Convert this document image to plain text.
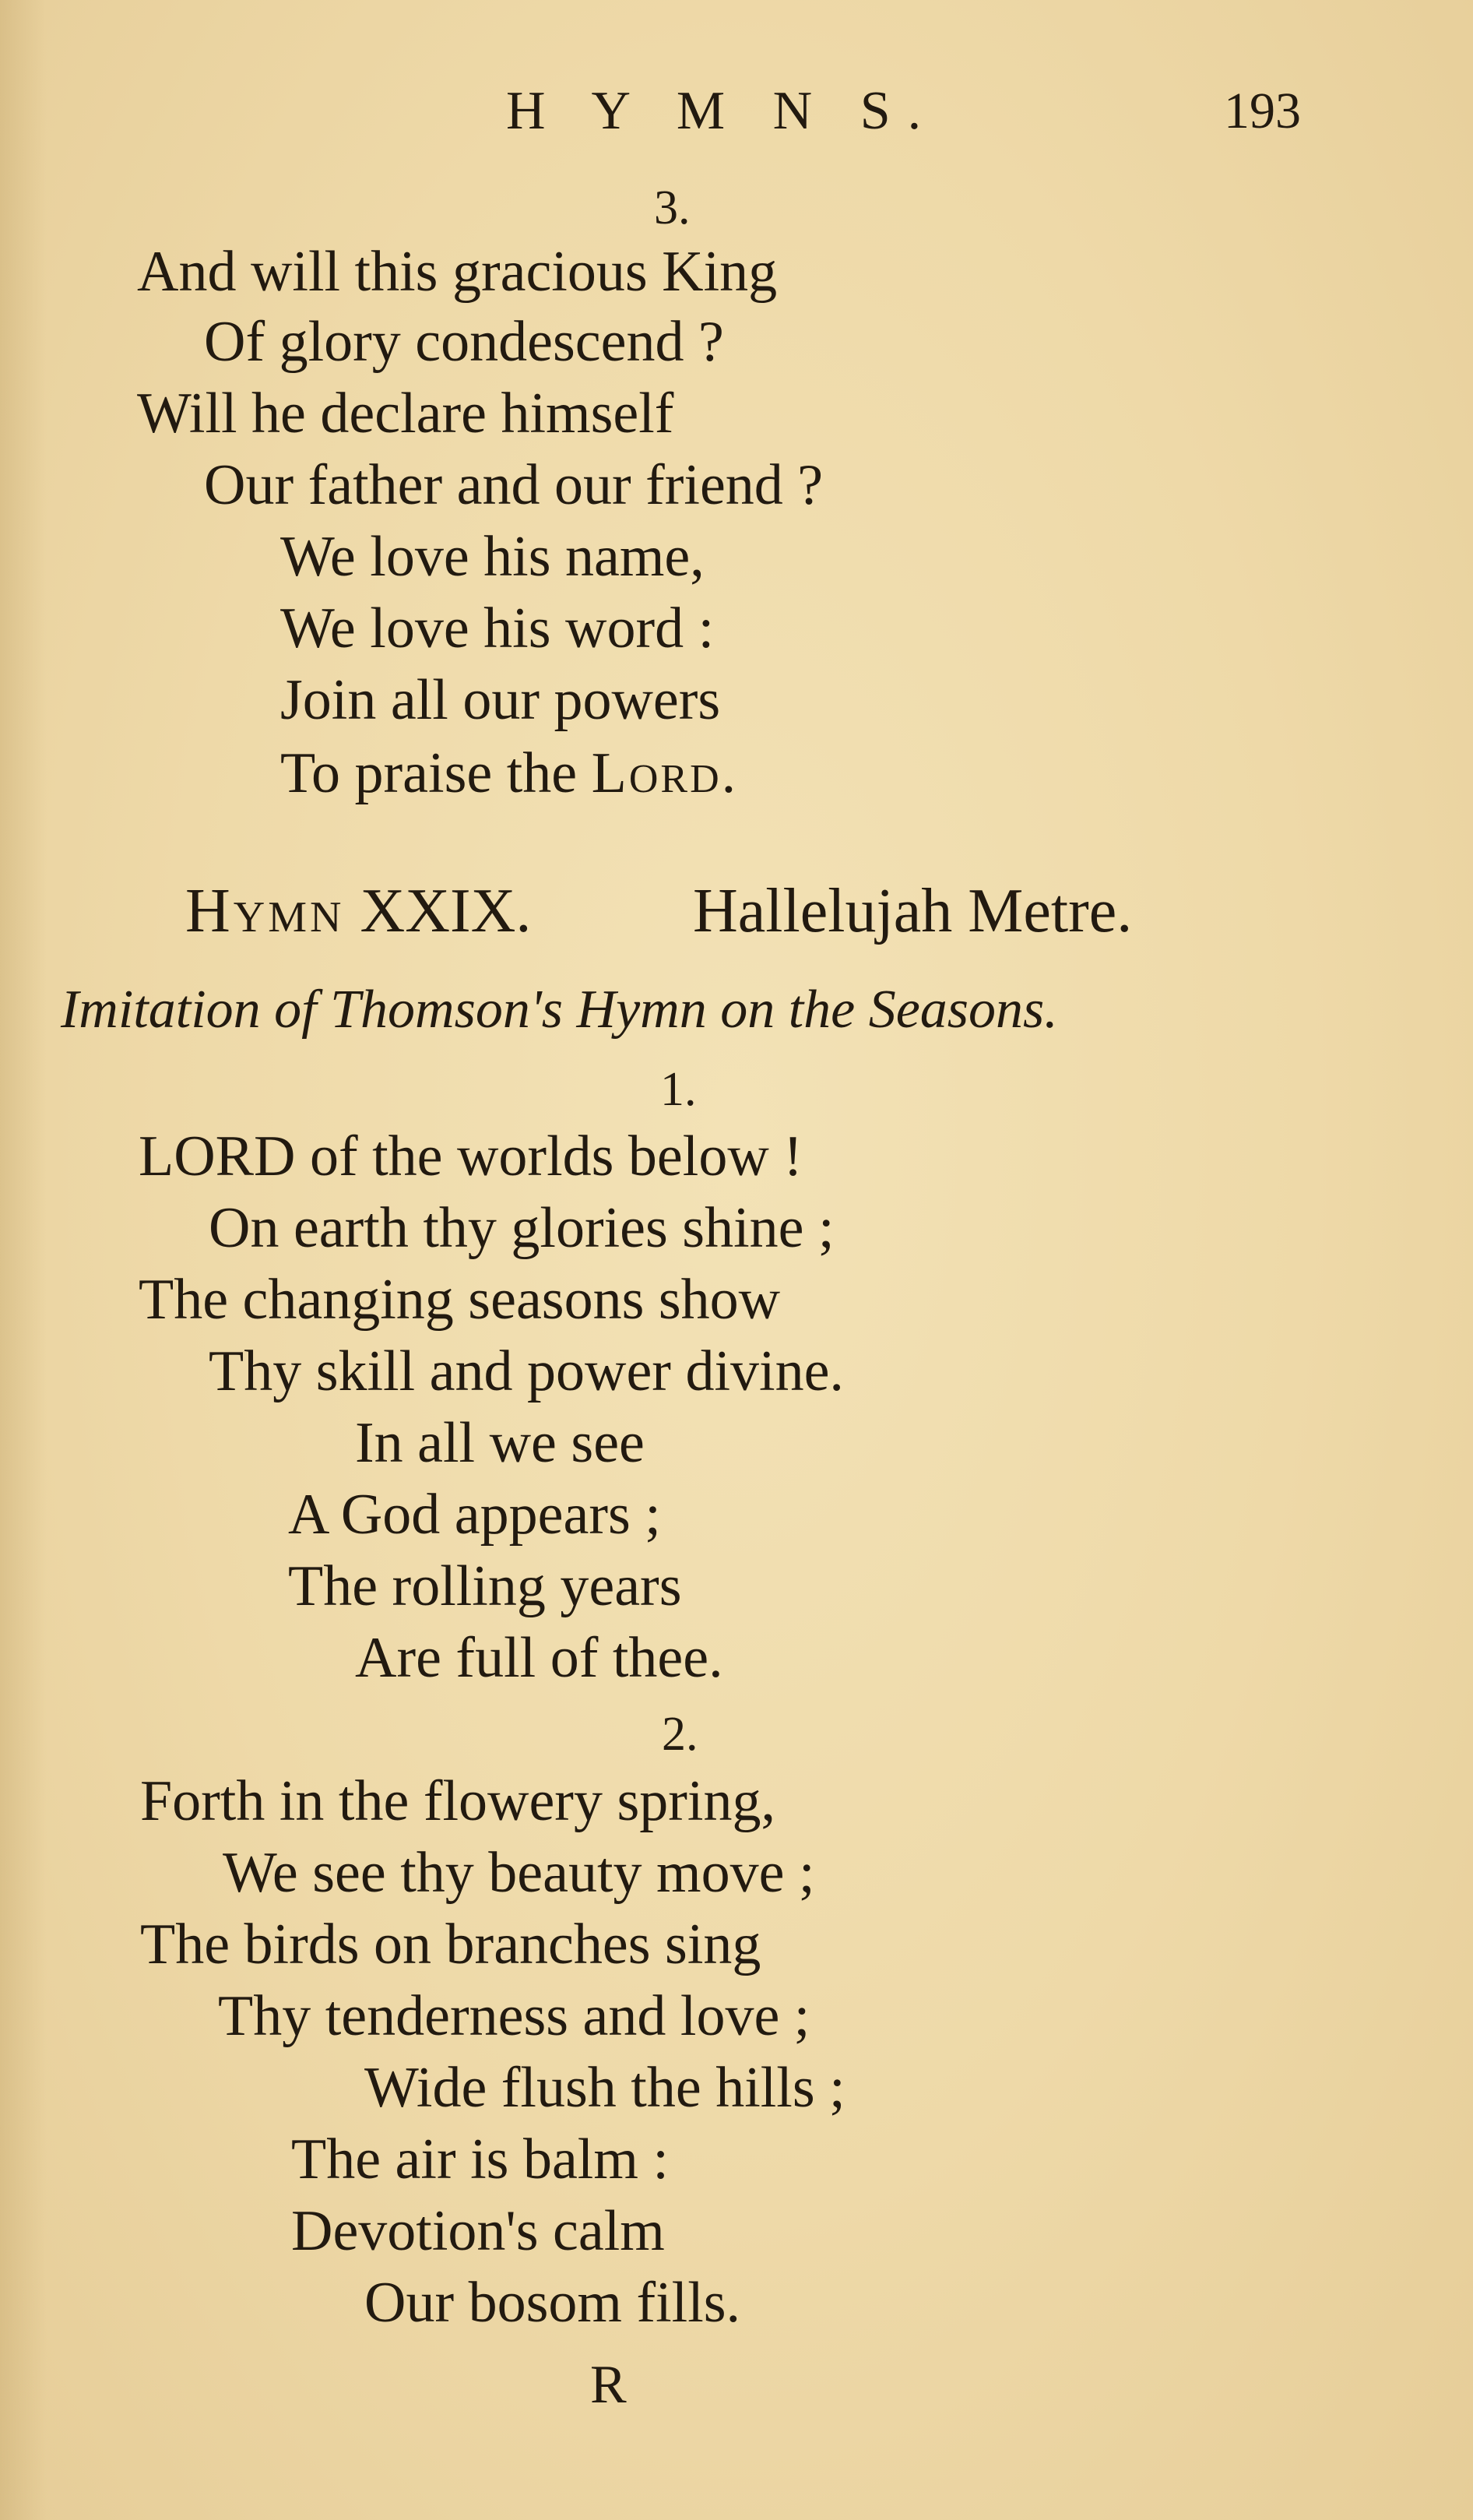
H Y M N S.	193
3.
And will this gracious King
Of glory condescend ?
Will he declare himself
Our father and our friend ?
We love his name,
We love his word :
Join all our powers
To praise the Lord.
Hymn XXIX.	Hallelujah Metre.
Imitation of Thomson's Hymn on the Seasons.
1.
LORD of the worlds below !
On earth thy glories shine ;
The changing seasons show
Thy skill and power divine.
In all we see
A God appears ;
The rolling years
Are full of thee.
2.
Forth in the flowery spring,
We see thy beauty move ;
The birds on branches sing
Thy tenderness and love ;
Wide flush the hills ;
The air is balm :
Devotion's calm
Our bosom fills.
R
